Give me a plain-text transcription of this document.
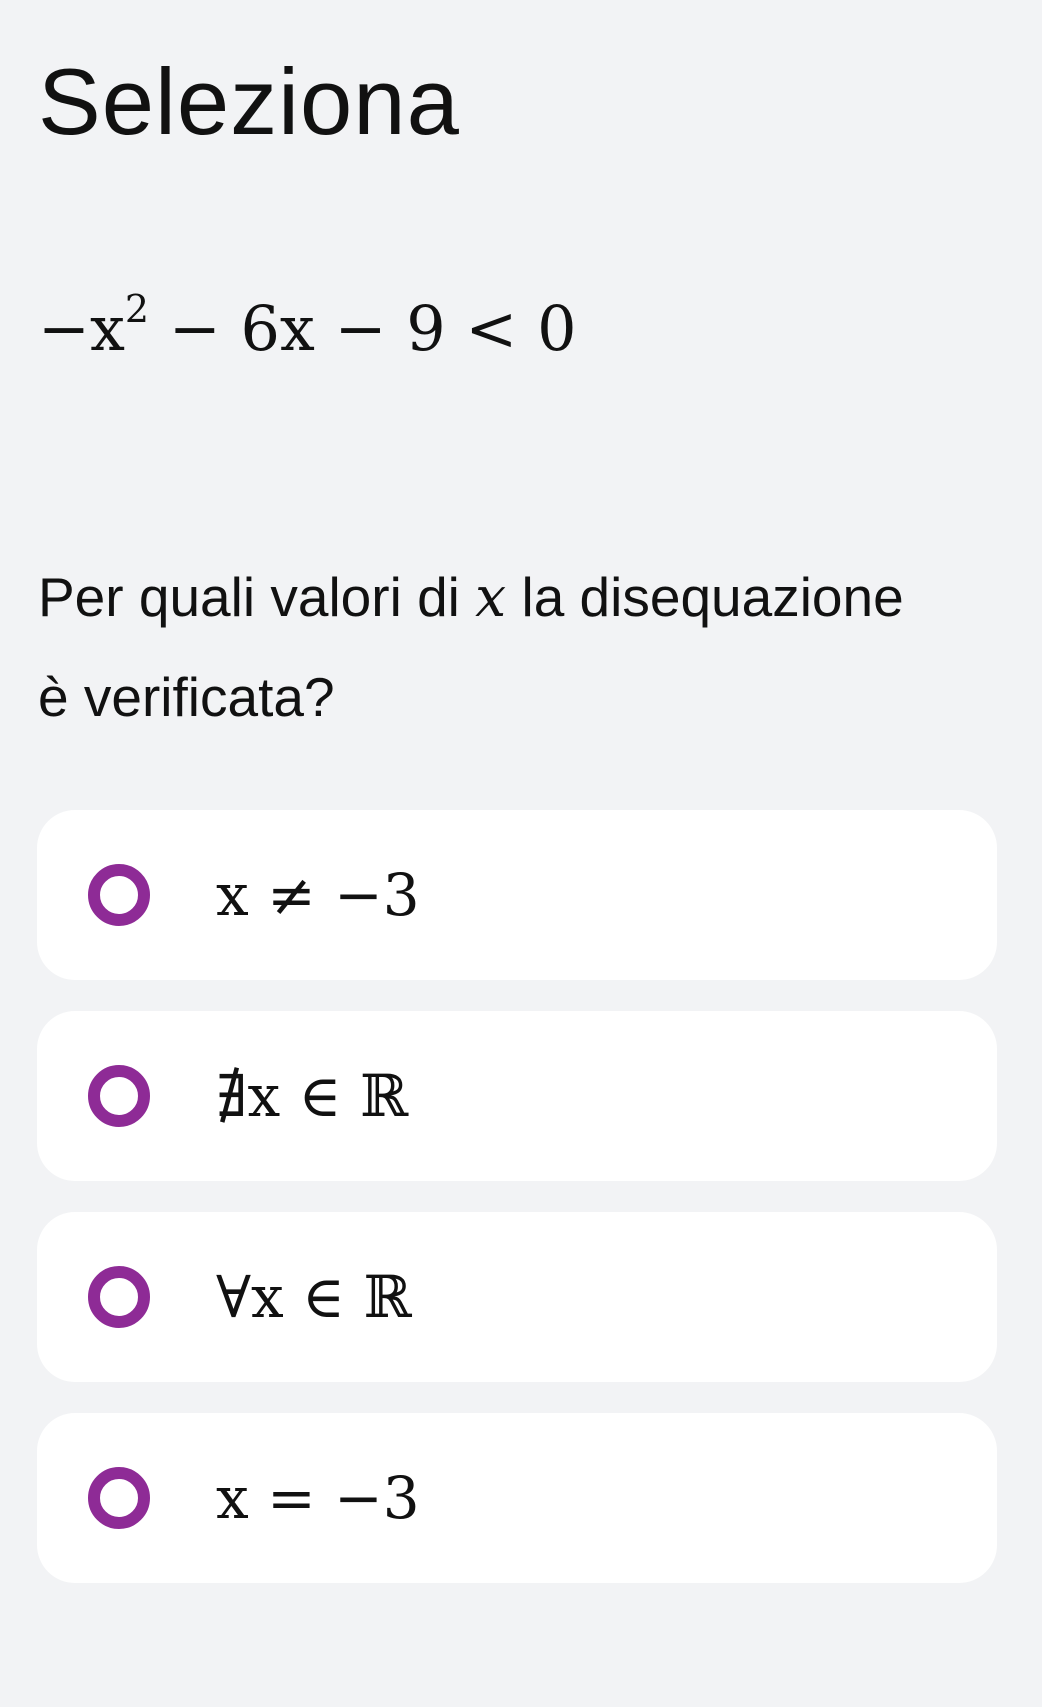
Seleziona
$-x^2 - 6x - 9 < 0$

Per quali valori di x la disequazione è verificata?

x ≠ −3
∄x ∈ ℝ
∀x ∈ ℝ
x = −3
